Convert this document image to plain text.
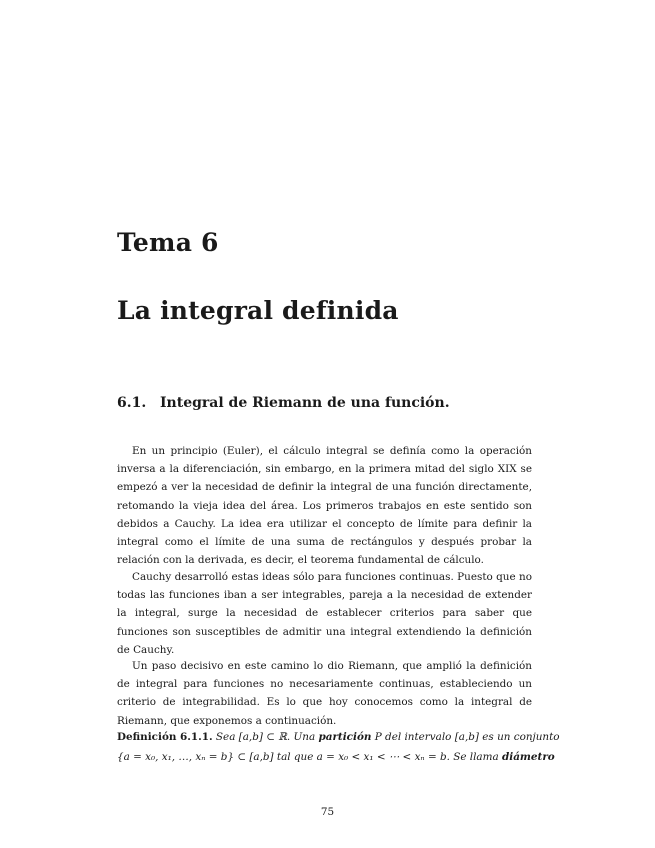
Tema 6
La integral definida
6.1. Integral de Riemann de una función.

En un principio (Euler), el cálculo integral se definía como la operación inversa a la diferenciación, sin embargo, en la primera mitad del siglo XIX se empezó a ver la necesidad de definir la integral de una función directamente, retomando la vieja idea del área. Los primeros trabajos en este sentido son debidos a Cauchy. La idea era utilizar el concepto de límite para definir la integral como el límite de una suma de rectángulos y después probar la relación con la derivada, es decir, el teorema fundamental de cálculo.

Cauchy desarrolló estas ideas sólo para funciones continuas. Puesto que no todas las funciones iban a ser integrables, pareja a la necesidad de extender la integral, surge la necesidad de establecer criterios para saber que funciones son susceptibles de admitir una integral extendiendo la definición de Cauchy.

Un paso decisivo en este camino lo dio Riemann, que amplió la definición de integral para funciones no necesariamente continuas, estableciendo un criterio de integrabilidad. Es lo que hoy conocemos como la integral de Riemann, que exponemos a continuación.

Definición 6.1.1. Sea [a,b] ⊂ ℝ. Una partición P del intervalo [a,b] es un conjunto
{a = x₀, x₁, …, xₙ = b} ⊂ [a,b] tal que a = x₀ < x₁ < ⋯ < xₙ = b. Se llama diámetro

75
